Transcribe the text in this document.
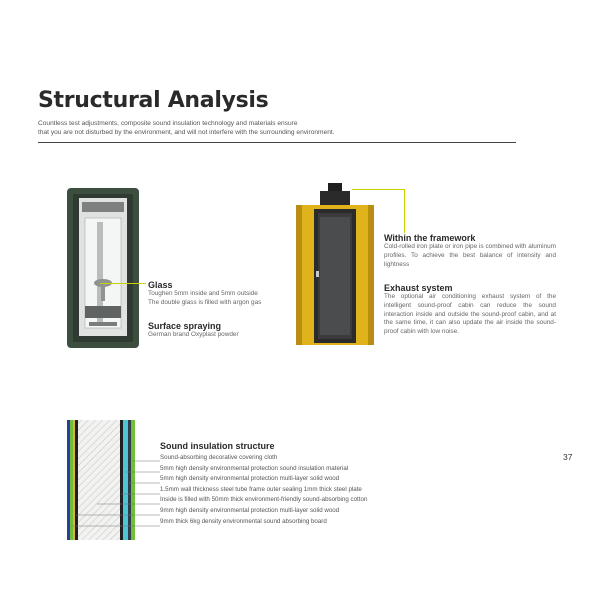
Structural Analysis
Countless test adjustments, composite sound insulation technology and materials ensure
that you are not disturbed by the environment, and will not interfere with the surrounding environment.
Glass
Toughen 5mm inside and 5mm outside
The double glass is filled with argon gas
Surface spraying
German brand Oxyplast powder
Within the framework
Cold-rolled iron plate or iron pipe is combined with aluminum profiles. To achieve the best balance of intensity and lightness
Exhaust system
The optional air conditioning exhaust system of the intelligent sound-proof cabin can reduce the sound interaction inside and outside the sound-proof cabin, and at the same time, it can also update the air inside the sound-proof cabin with low noise.
Sound insulation structure
Sound-absorbing decorative covering cloth
5mm high density environmental protection sound insulation material
5mm high density environmental protection multi-layer solid wood
1.5mm wall thickness steel tube frame outer sealing 1mm thick steel plate
Inside is filled with 50mm thick environment-friendly sound-absorbing cotton
9mm high density environmental protection multi-layer solid wood
9mm thick 6kg density environmental sound absorbing board
37
